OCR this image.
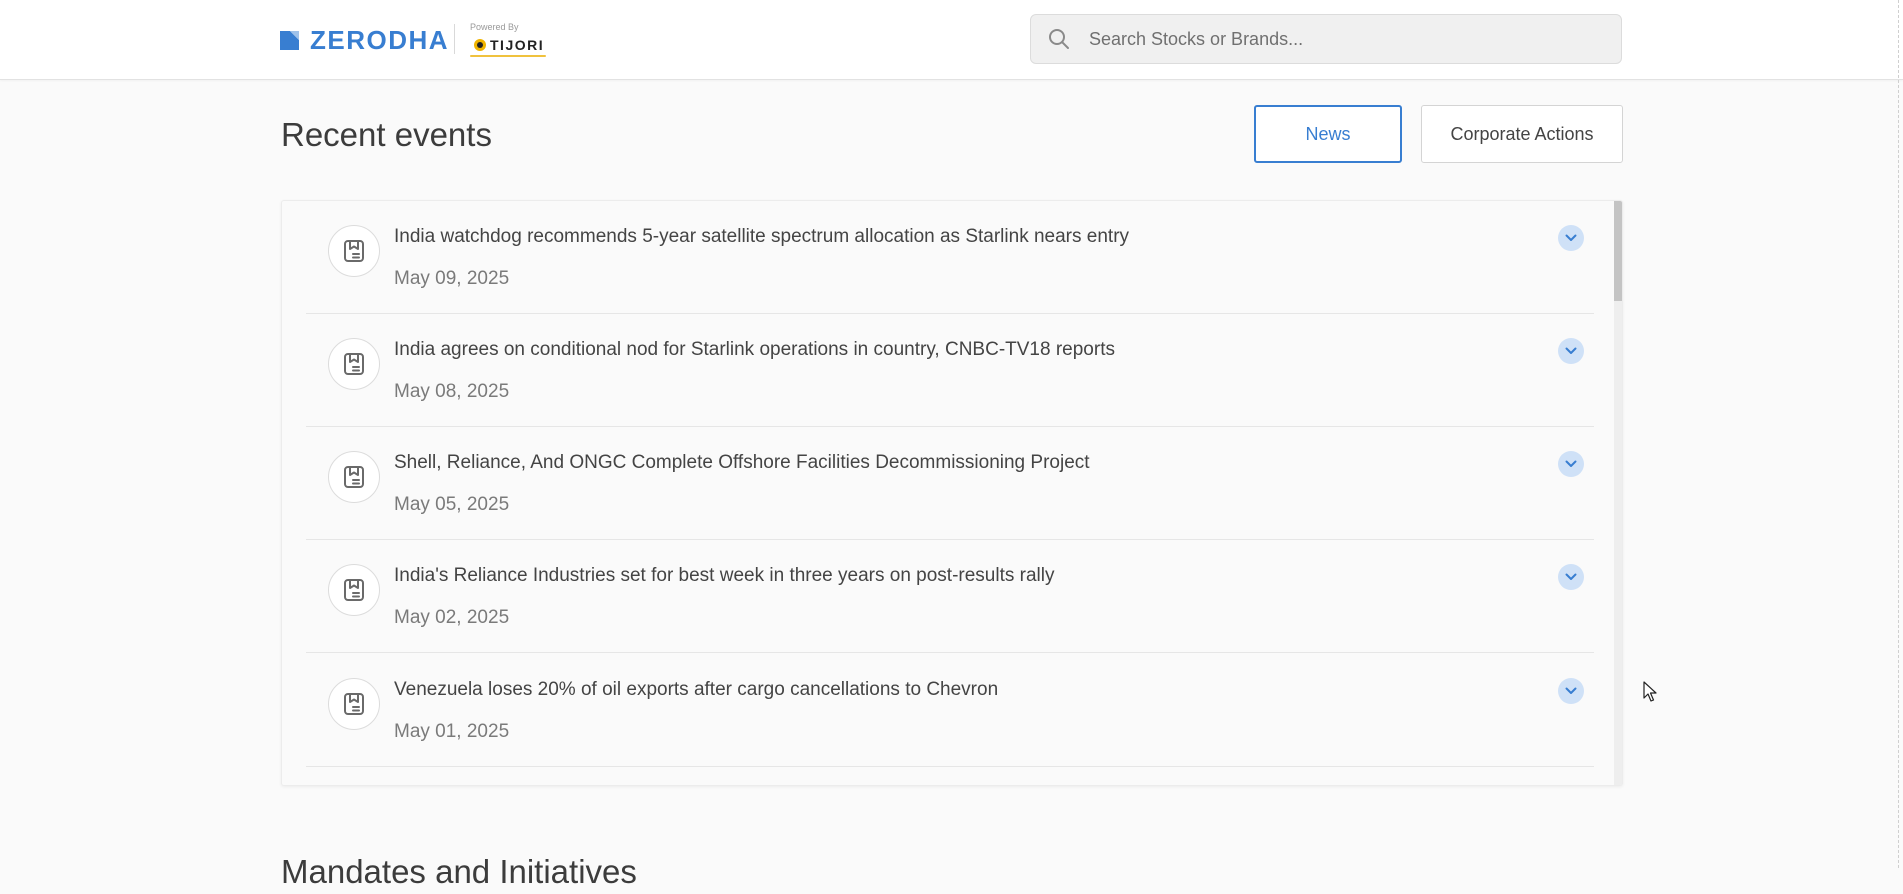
ZERODHA Powered By
TIJORI
Search Stocks or Brands...
Recent events	News	Corporate Actions
India watchdog recommends 5-year satellite spectrum allocation as Starlink nears entry
May 09, 2025
India agrees on conditional nod for Starlink operations in country, CNBC-TV18 reports
May 08, 2025
Shell, Reliance, And ONGC Complete Offshore Facilities Decommissioning Project
May 05, 2025
India's Reliance Industries set for best week in three years on post-results rally
May 02, 2025
Venezuela loses 20% of oil exports after cargo cancellations to Chevron
May 01, 2025
Mandates and Initiatives
